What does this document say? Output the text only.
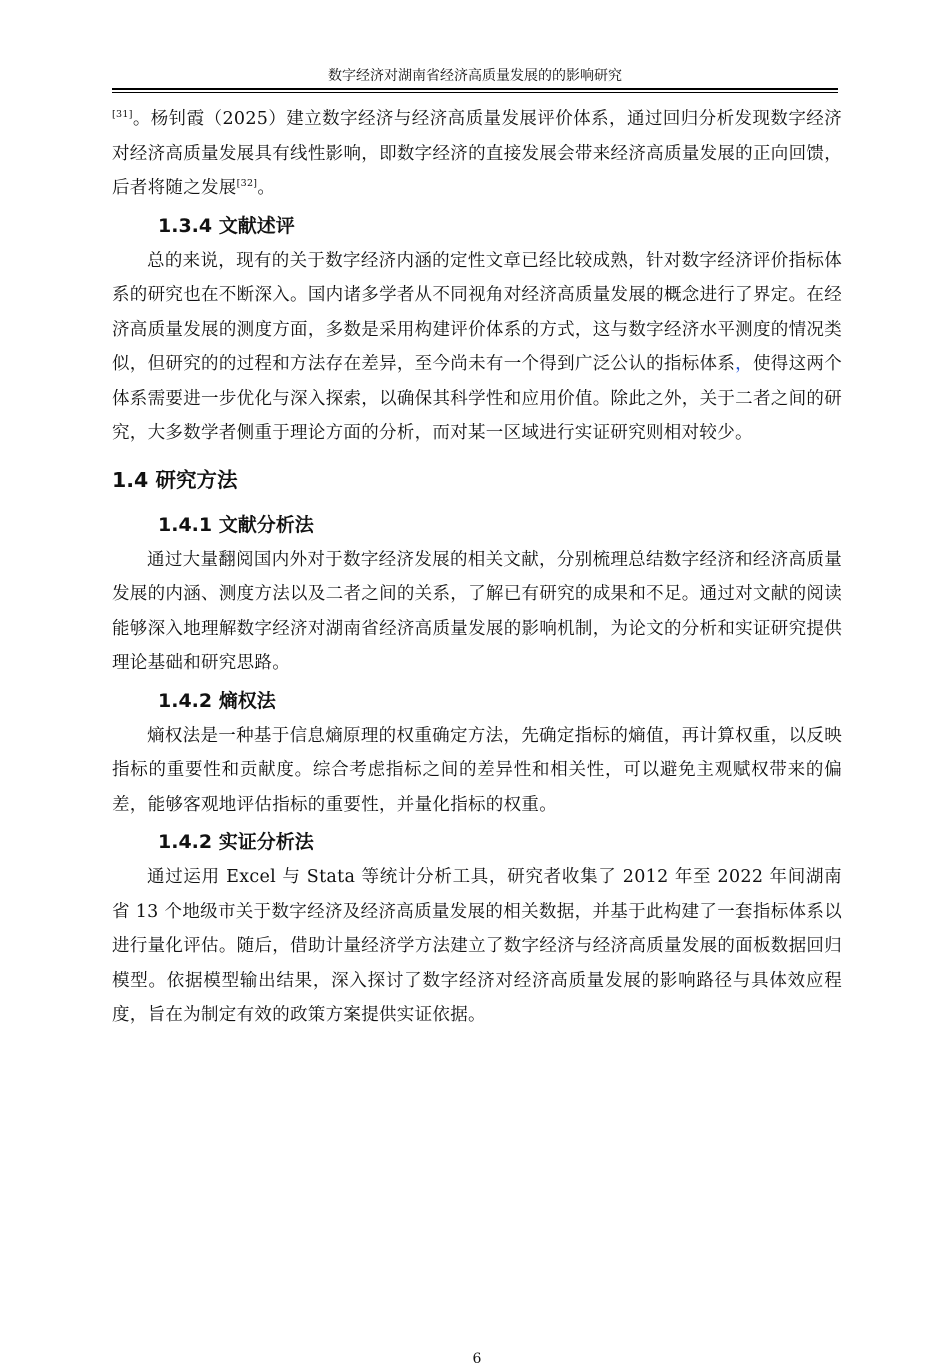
数字经济对湖南省经济高质量发展的的影响研究

[31]。杨钊霞（2025）建立数字经济与经济高质量发展评价体系，通过回归分析发现数字经济对经济高质量发展具有线性影响，即数字经济的直接发展会带来经济高质量发展的正向回馈，后者将随之发展[32]。

1.3.4 文献述评

总的来说，现有的关于数字经济内涵的定性文章已经比较成熟，针对数字经济评价指标体系的研究也在不断深入。国内诸多学者从不同视角对经济高质量发展的概念进行了界定。在经济高质量发展的测度方面，多数是采用构建评价体系的方式，这与数字经济水平测度的情况类似，但研究的的过程和方法存在差异，至今尚未有一个得到广泛公认的指标体系，使得这两个体系需要进一步优化与深入探索，以确保其科学性和应用价值。除此之外，关于二者之间的研究，大多数学者侧重于理论方面的分析，而对某一区域进行实证研究则相对较少。

1.4 研究方法
1.4.1 文献分析法

通过大量翻阅国内外对于数字经济发展的相关文献，分别梳理总结数字经济和经济高质量发展的内涵、测度方法以及二者之间的关系，了解已有研究的成果和不足。通过对文献的阅读能够深入地理解数字经济对湖南省经济高质量发展的影响机制，为论文的分析和实证研究提供理论基础和研究思路。

1.4.2 熵权法

熵权法是一种基于信息熵原理的权重确定方法，先确定指标的熵值，再计算权重，以反映指标的重要性和贡献度。综合考虑指标之间的差异性和相关性，可以避免主观赋权带来的偏差，能够客观地评估指标的重要性，并量化指标的权重。

1.4.2 实证分析法

通过运用 Excel 与 Stata 等统计分析工具，研究者收集了 2012 年至 2022 年间湖南省 13 个地级市关于数字经济及经济高质量发展的相关数据，并基于此构建了一套指标体系以进行量化评估。随后，借助计量经济学方法建立了数字经济与经济高质量发展的面板数据回归模型。依据模型输出结果，深入探讨了数字经济对经济高质量发展的影响路径与具体效应程度，旨在为制定有效的政策方案提供实证依据。

6
